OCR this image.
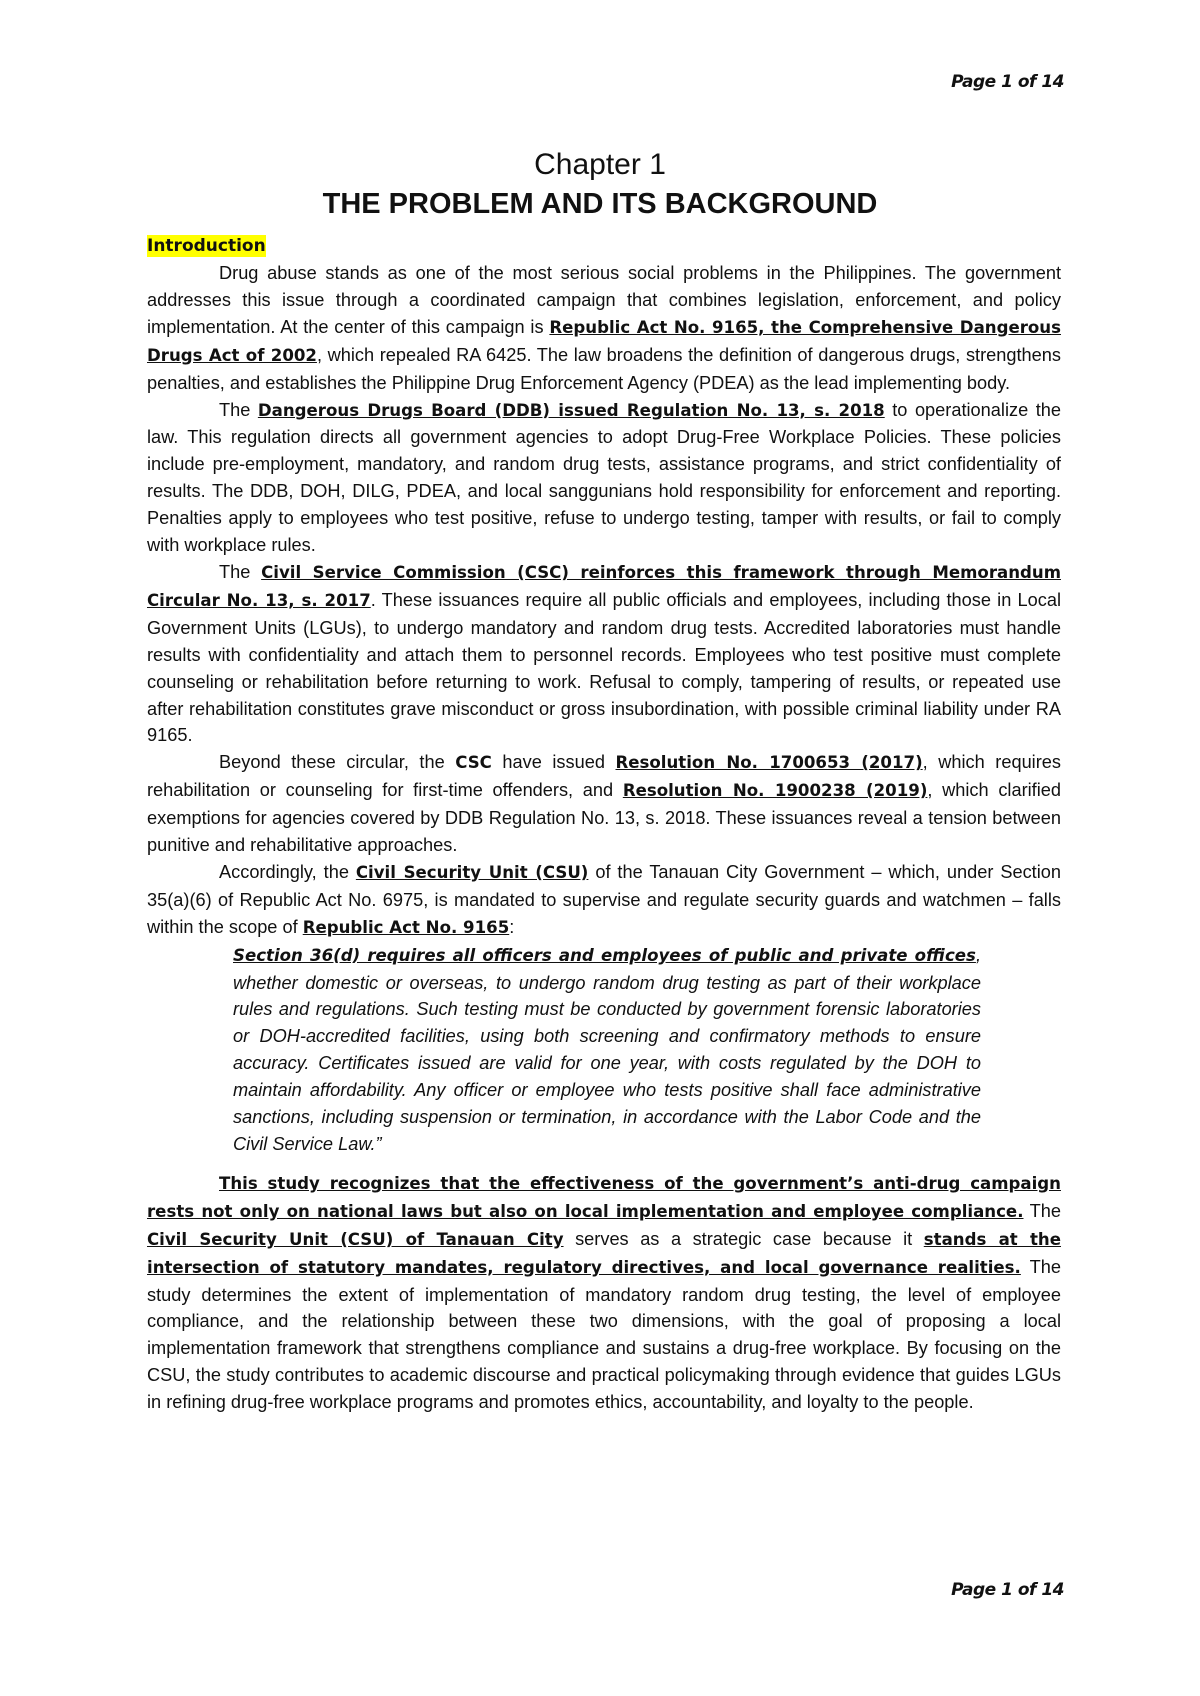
Page 1 of 14
Chapter 1
THE PROBLEM AND ITS BACKGROUND
Introduction

Drug abuse stands as one of the most serious social problems in the Philippines. The government addresses this issue through a coordinated campaign that combines legislation, enforcement, and policy implementation. At the center of this campaign is Republic Act No. 9165, the Comprehensive Dangerous Drugs Act of 2002, which repealed RA 6425. The law broadens the definition of dangerous drugs, strengthens penalties, and establishes the Philippine Drug Enforcement Agency (PDEA) as the lead implementing body.

The Dangerous Drugs Board (DDB) issued Regulation No. 13, s. 2018 to operationalize the law. This regulation directs all government agencies to adopt Drug-Free Workplace Policies. These policies include pre-employment, mandatory, and random drug tests, assistance programs, and strict confidentiality of results. The DDB, DOH, DILG, PDEA, and local sanggunians hold responsibility for enforcement and reporting. Penalties apply to employees who test positive, refuse to undergo testing, tamper with results, or fail to comply with workplace rules.

The Civil Service Commission (CSC) reinforces this framework through Memorandum Circular No. 13, s. 2017. These issuances require all public officials and employees, including those in Local Government Units (LGUs), to undergo mandatory and random drug tests. Accredited laboratories must handle results with confidentiality and attach them to personnel records. Employees who test positive must complete counseling or rehabilitation before returning to work. Refusal to comply, tampering of results, or repeated use after rehabilitation constitutes grave misconduct or gross insubordination, with possible criminal liability under RA 9165.

Beyond these circular, the CSC have issued Resolution No. 1700653 (2017), which requires rehabilitation or counseling for first-time offenders, and Resolution No. 1900238 (2019), which clarified exemptions for agencies covered by DDB Regulation No. 13, s. 2018. These issuances reveal a tension between punitive and rehabilitative approaches.

Accordingly, the Civil Security Unit (CSU) of the Tanauan City Government – which, under Section 35(a)(6) of Republic Act No. 6975, is mandated to supervise and regulate security guards and watchmen – falls within the scope of Republic Act No. 9165:

Section 36(d) requires all officers and employees of public and private offices, whether domestic or overseas, to undergo random drug testing as part of their workplace rules and regulations. Such testing must be conducted by government forensic laboratories or DOH-accredited facilities, using both screening and confirmatory methods to ensure accuracy. Certificates issued are valid for one year, with costs regulated by the DOH to maintain affordability. Any officer or employee who tests positive shall face administrative sanctions, including suspension or termination, in accordance with the Labor Code and the Civil Service Law.”

This study recognizes that the effectiveness of the government’s anti-drug campaign rests not only on national laws but also on local implementation and employee compliance. The Civil Security Unit (CSU) of Tanauan City serves as a strategic case because it stands at the intersection of statutory mandates, regulatory directives, and local governance realities. The study determines the extent of implementation of mandatory random drug testing, the level of employee compliance, and the relationship between these two dimensions, with the goal of proposing a local implementation framework that strengthens compliance and sustains a drug-free workplace. By focusing on the CSU, the study contributes to academic discourse and practical policymaking through evidence that guides LGUs in refining drug-free workplace programs and promotes ethics, accountability, and loyalty to the people.

Page 1 of 14
